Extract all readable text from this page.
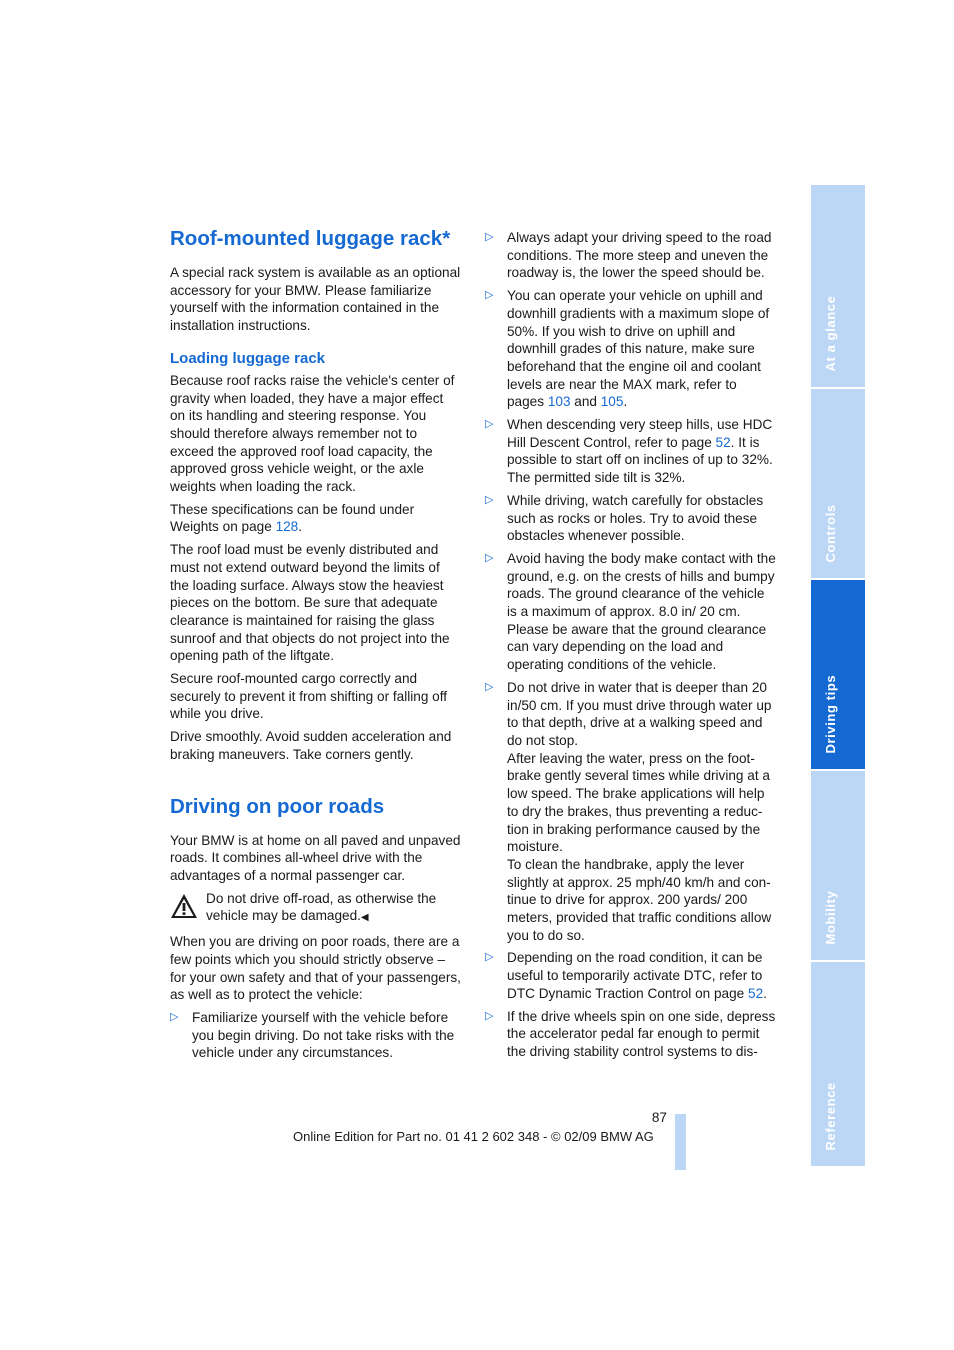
Roof-mounted luggage rack*

A special rack system is available as an optional accessory for your BMW. Please familiarize yourself with the information contained in the installation instructions.

Loading luggage rack

Because roof racks raise the vehicle's center of gravity when loaded, they have a major effect on its handling and steering response. You should therefore always remember not to exceed the approved roof load capacity, the approved gross vehicle weight, or the axle weights when loading the rack.

These specifications can be found under Weights on page 128.

The roof load must be evenly distributed and must not extend outward beyond the limits of the loading surface. Always stow the heaviest pieces on the bottom. Be sure that adequate clearance is maintained for raising the glass sunroof and that objects do not project into the opening path of the liftgate.

Secure roof-mounted cargo correctly and securely to prevent it from shifting or falling off while you drive.

Drive smoothly. Avoid sudden acceleration and braking maneuvers. Take corners gently.

Driving on poor roads

Your BMW is at home on all paved and unpaved roads. It combines all-wheel drive with the advantages of a normal passenger car.

Do not drive off-road, as otherwise the vehicle may be damaged.◀

When you are driving on poor roads, there are a few points which you should strictly observe – for your own safety and that of your passengers, as well as to protect the vehicle:

▷ Familiarize yourself with the vehicle before you begin driving. Do not take risks with the vehicle under any circumstances.
▷ Always adapt your driving speed to the road conditions. The more steep and uneven the roadway is, the lower the speed should be.
▷ You can operate your vehicle on uphill and downhill gradients with a maximum slope of 50%. If you wish to drive on uphill and downhill grades of this nature, make sure beforehand that the engine oil and coolant levels are near the MAX mark, refer to pages 103 and 105.
▷ When descending very steep hills, use HDC Hill Descent Control, refer to page 52. It is possible to start off on inclines of up to 32%.
The permitted side tilt is 32%.
▷ While driving, watch carefully for obstacles such as rocks or holes. Try to avoid these obstacles whenever possible.
▷ Avoid having the body make contact with the ground, e.g. on the crests of hills and bumpy roads. The ground clearance of the vehicle is a maximum of approx. 8.0 in/ 20 cm. Please be aware that the ground clearance can vary depending on the load and operating conditions of the vehicle.
▷ Do not drive in water that is deeper than 20 in/50 cm. If you must drive through water up to that depth, drive at a walking speed and do not stop.
After leaving the water, press on the foot-brake gently several times while driving at a low speed. The brake applications will help to dry the brakes, thus preventing a reduc-tion in braking performance caused by the moisture.
To clean the handbrake, apply the lever slightly at approx. 25 mph/40 km/h and con-tinue to drive for approx. 200 yards/ 200 meters, provided that traffic conditions allow you to do so.
▷ Depending on the road condition, it can be useful to temporarily activate DTC, refer to DTC Dynamic Traction Control on page 52.
▷ If the drive wheels spin on one side, depress the accelerator pedal far enough to permit the driving stability control systems to dis-
At a glance
Controls
Driving tips
Mobility
Reference
87
Online Edition for Part no. 01 41 2 602 348 - © 02/09 BMW AG
